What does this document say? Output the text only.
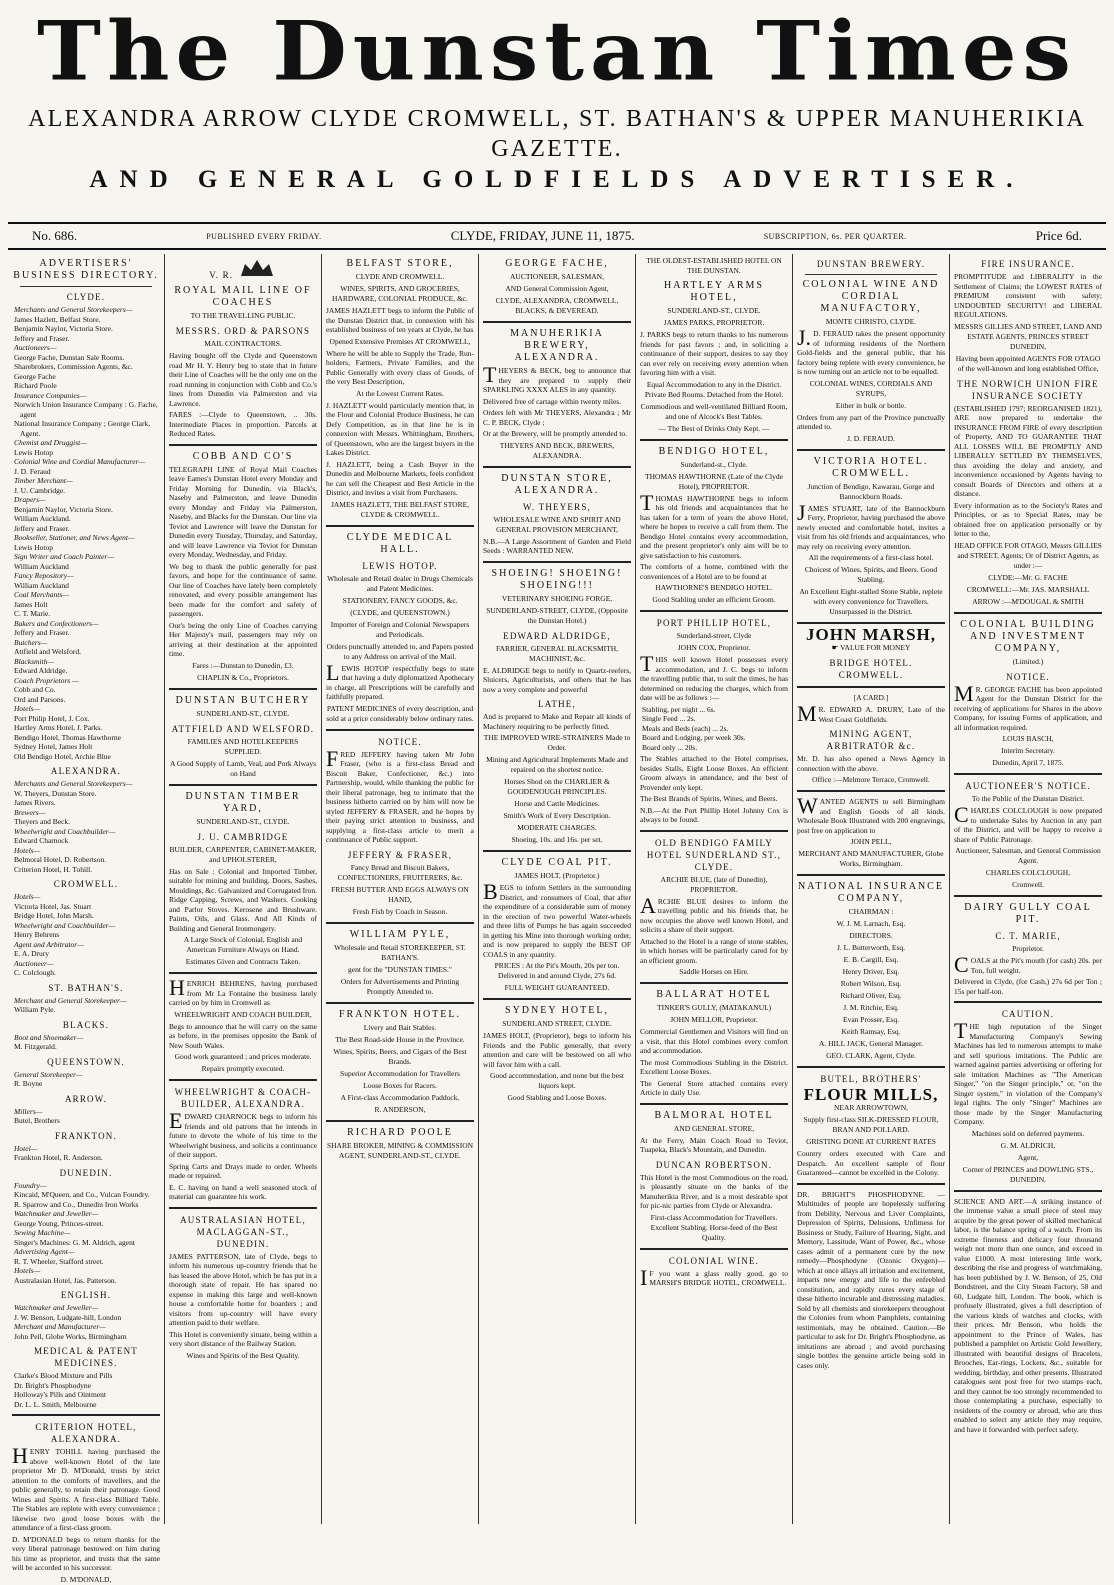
The Dunstan Times
ALEXANDRA ARROW CLYDE CROMWELL, ST. BATHAN'S & UPPER MANUHERIKIA GAZETTE.
AND GENERAL GOLDFIELDS ADVERTISER.
No. 686.	PUBLISHED EVERY FRIDAY.	CLYDE, FRIDAY, JUNE 11, 1875.	SUBSCRIPTION, 6s. PER QUARTER.	Price 6d.
ADVERTISERS' BUSINESS DIRECTORY.
CLYDE.
Merchants and General Storekeepers—
James Hazlett, Belfast Store.
Benjamin Naylor, Victoria Store.
Jeffery and Fraser.
Auctioneers—
George Fache, Dunstan Sale Rooms.
Sharebrokers, Commission Agents, &c.
George Fache
Richard Poole
Insurance Companies—
Norwich Union Insurance Company : G. Fache, agent
National Insurance Company ; George Clark, Agent.
Chemist and Druggist—
Lewis Hotop
Colonial Wine and Cordial Manufacturer—
J. D. Feraud
Timber Merchant—
J. U. Cambridge.
Drapers—
Benjamin Naylor, Victoria Store.
William Auckland.
Jeffery and Fraser.
Bookseller, Stationer, and News Agent—
Lewis Hotop
Sign Writer and Coach Painter—
William Auckland
Fancy Repository—
William Auckland
Coal Merchants—
James Holt
C. T. Marie.
Bakers and Confectioners—
Jeffery and Fraser.
Butchers—
Attfield and Welsford.
Blacksmith—
Edward Aldridge.
Coach Proprietors —
Cobb and Co.
Ord and Parsons.
Hotels—
Port Philip Hotel, J. Cox.
Hartley Arms Hotel, J. Parks.
Bendigo Hotel, Thomas Hawthorne
Sydney Hotel, James Holt
Old Bendigo Hotel, Archie Blue
ALEXANDRA.
Merchants and General Storekeepers—
W. Theyers, Dunstan Store.
James Rivers.
Brewers—
Theyers and Beck.
Wheelwright and Coachbuilder—
Edward Charnock
Hotels—
Belmoral Hotel, D. Robertson.
Criterion Hotel, H. Tohill.
CROMWELL.
Hotels—
Victoria Hotel, Jas. Stuart
Bridge Hotel, John Marsh.
Wheelwright and Coachbuilder—
Henry Behrens
Agent and Arbitrator—
E. A. Drury
Auctioneer—
C. Colclough.
ST. BATHAN'S.
Merchant and General Storekeeper—
William Pyle.
BLACKS.
Boot and Shoemaker—
M. Fitzgerald.
QUEENSTOWN.
General Storekeeper—
R. Boyne
ARROW.
Millers—
Butel, Brothers
FRANKTON.
Hotel—
Frankton Hotel, R. Anderson.
DUNEDIN.
Foundry—
Kincaid, M'Queen, and Co., Vulcan Foundry.
R. Sparrow and Co., Dunedin Iron Works
Watchmaker and Jeweller—
George Young, Princes-street.
Sewing Machine—
Singer's Machines: G. M. Aldrich, agent
Advertising Agent—
R. T. Wheeler, Stafford street.
Hotels—
Australasian Hotel, Jas. Patterson.
ENGLISH.
Watchmaker and Jeweller—
J. W. Benson, Ludgate-hill, London
Merchant and Manufacturer—
John Pell, Globe Works, Birmingham
MEDICAL & PATENT MEDICINES.
Clarke's Blood Mixture and Pills
Dr. Bright's Phosphodyne
Holloway's Pills and Ointment
Dr. L. L. Smith, Melbourne
CRITERION HOTEL, ALEXANDRA.

HENRY TOHILL having purchased the above well-known Hotel of the late proprietor Mr D. M'Donald, trusts by strict attention to the comforts of travellers, and the public generally, to retain their patronage. Good Wines and Spirits. A first-class Billiard Table. The Stables are replete with every convenience ; likewise two good loose boxes with the attendance of a first-class groom.

D. M'DONALD begs to return thanks for the very liberal patronage bestowed on him during his time as proprietor, and trusts that the same will be accorded to his successor.

D. M'DONALD,
V. R.
ROYAL MAIL LINE OF COACHES
TO THE TRAVELLING PUBLIC.
MESSRS. ORD & PARSONS
MAIL CONTRACTORS.

Having bought off the Clyde and Queenstown road Mr H. Y. Henry beg to state that in future their Line of Coaches will be the only one on the road running in conjunction with Cobb and Co.'s lines from Dunedin via Palmerston and via Lawrence.

FARES :—Clyde to Queenstown, .. 30s. Intermediate Places in proportion. Parcels at Reduced Rates.

COBB AND CO'S

TELEGRAPH LINE of Royal Mail Coaches leave Eames's Dunstan Hotel every Monday and Friday Morning for Dunedin, via Black's, Naseby and Palmerston, and leave Dunedin every Monday and Friday via Palmerston, Naseby, and Blacks for the Dunstan. Our line via Teviot and Lawrence will leave the Dunstan for Dunedin every Tuesday, Thursday, and Saturday, and will leave Lawrence via Teviot for Dunstan every Monday, Wednesday, and Friday.

We beg to thank the public generally for past favors, and hope for the continuance of same. Our line of Coaches have lately been completely renovated, and every possible arrangement has been made for the comfort and safety of passengers.

Our's being the only Line of Coaches carrying Her Majesty's mail, passengers may rely on arriving at their destination at the appointed time.

Fares :—Dunstan to Dunedin, £3.
CHAPLIN & Co., Proprietors.
DUNSTAN BUTCHERY
SUNDERLAND-ST., CLYDE.
ATTFIELD AND WELSFORD.
FAMILIES AND HOTELKEEPERS SUPPLIED.
A Good Supply of Lamb, Veal, and Pork Always on Hand
DUNSTAN TIMBER YARD,
SUNDERLAND-ST., CLYDE.
J. U. CAMBRIDGE
BUILDER, CARPENTER, CABINET-MAKER, and UPHOLSTERER,

Has on Sale : Colonial and Imported Timber, suitable for mining and building. Doors, Sashes, Mouldings, &c. Galvanized and Corrugated Iron. Ridge Capping, Screws, and Washers. Cooking and Parlor Stoves. Kerosene and Brushware. Paints, Oils, and Glass. And All Kinds of Building and General Ironmongery.

A Large Stock of Colonial, English and American Furniture Always on Hand.
Estimates Given and Contracts Taken.

HENRICH BEHRENS, having purchased from Mr La Fontaine the business lately carried on by him in Cromwell as

WHEELWRIGHT AND COACH BUILDER,

Begs to announce that he will carry on the same as before, in the premises opposite the Bank of New South Wales.

Good work guaranteed ; and prices moderate.
Repairs promptly executed.
WHEELWRIGHT & COACH-BUILDER, ALEXANDRA.

EDWARD CHARNOCK begs to inform his friends and old patrons that he intends in future to devote the whole of his time to the Wheelwright business, and solicits a continuance of their support.

Spring Carts and Drays made to order. Wheels made or repaired.

E. C. having on hand a well seasoned stock of material can guarantee his work.

AUSTRALASIAN HOTEL, MACLAGGAN-ST., DUNEDIN.

JAMES PATTERSON, late of Clyde, begs to inform his numerous up-country friends that he has leased the above Hotel, which he has put in a thorough state of repair. He has spared no expense in making this large and well-known house a comfortable home for boarders ; and visitors from up-country will have every attention paid to their welfare.

This Hotel is conveniently situate, being within a very short distance of the Railway Station.

Wines and Spirits of the Best Quality.
BELFAST STORE,
CLYDE AND CROMWELL.
WINES, SPIRITS, AND GROCERIES, HARDWARE, COLONIAL PRODUCE, &c.

JAMES HAZLETT begs to inform the Public of the Dunstan District that, in connexion with his established business of ten years at Clyde, he has

Opened Extensive Premises AT CROMWELL,

Where he will be able to Supply the Trade, Run-holders, Farmers, Private Families, and the Public Generally with every class of Goods, of the very Best Description,

At the Lowest Current Rates.

J. HAZLETT would particularly mention that, in the Flour and Colonial Produce Business, he can Defy Competition, as in that line he is in connexion with Messrs. Whittingham, Brothers, of Queenstown, who are the largest buyers in the Lakes District.

J. HAZLETT, being a Cash Buyer in the Dunedin and Melbourne Markets, feels confident he can sell the Cheapest and Best Article in the District, and invites a visit from Purchasers.

JAMES HAZLETT, THE BELFAST STORE, CLYDE & CROMWELL.
CLYDE MEDICAL HALL.
LEWIS HOTOP.
Wholesale and Retail dealer in Drugs Chemicals and Patent Medicines.
STATIONERY, FANCY GOODS, &c.
(CLYDE, and QUEENSTOWN.)
Importer of Foreign and Colonial Newspapers and Periodicals.
Orders punctually attended to, and Papers posted to any Address on arrival of the Mail.

LEWIS HOTOP respectfully begs to state that having a duly diplomatized Apothecary in charge, all Prescriptions will be carefully and faithfully prepared.

PATENT MEDICINES of every description, and sold at a price considerably below ordinary rates.
NOTICE.

FRED JEFFERY having taken Mr John Fraser, (who is a first-class Bread and Biscuit Baker, Confectioner, &c.) into Partnership, would, while thanking the public for their liberal patronage, beg to intimate that the business hitherto carried on by him will now be styled JEFFERY & FRASER, and he hopes by their paying strict attention to business, and supplying a first-class article to merit a continuance of Public support.

JEFFERY & FRASER,
Fancy Bread and Biscuit Bakers, CONFECTIONERS, FRUITERERS, &c.
FRESH BUTTER AND EGGS ALWAYS ON HAND,
Fresh Fish by Coach in Season.
WILLIAM PYLE,
Wholesale and Retail STOREKEEPER, ST. BATHAN'S.
gent for the "DUNSTAN TIMES."
Orders for Advertisements and Printing Promptly Attended to.
FRANKTON HOTEL.
Livery and Bait Stables.
The Best Road-side House in the Province.
Wines, Spirits, Beers, and Cigars of the Best Brands.
Superior Accommodation for Travellers
Loose Boxes for Racers.
A First-class Accommodation Paddock.
R. ANDERSON,
RICHARD POOLE
SHARE BROKER, MINING & COMMISSION AGENT, SUNDERLAND-ST., CLYDE.
GEORGE FACHE,
AUCTIONEER, SALESMAN,
AND General Commission Agent,
CLYDE, ALEXANDRA, CROMWELL, BLACKS, & DEVEREAD.
MANUHERIKIA BREWERY, ALEXANDRA.

THEYERS & BECK, beg to announce that they are prepared to supply their SPARKLING XXXX ALES in any quantity.

Delivered free of cartage within twenty miles.

Orders left with Mr THEYERS, Alexandra ; Mr C. P. BECK, Clyde ;

Or at the Brewery, will be promptly attended to.

THEYERS AND BECK, BREWERS, ALEXANDRA.
DUNSTAN STORE, ALEXANDRA.
W. THEYERS,
WHOLESALE WINE AND SPIRIT AND GENERAL PROVISION MERCHANT,

N.B.—A Large Assortment of Garden and Field Seeds : WARRANTED NEW.

SHOEING! SHOEING! SHOEING!!!
VETERINARY SHOEING FORGE,
SUNDERLAND-STREET, CLYDE, (Opposite the Dunstan Hotel.)
EDWARD ALDRIDGE,
FARRIER, GENERAL BLACKSMITH, MACHINIST, &c.

E. ALDRIDGE begs to notify to Quartz-reefers, Sluicers, Agriculturists, and others that he has now a very complete and powerful

LATHE,

And is prepared to Make and Repair all kinds of Machinery requiring to be perfectly fitted.

THE IMPROVED WIRE-STRAINERS Made to Order.
Mining and Agricultural Implements Made and repaired on the shortest notice.
Horses Shod on the CHARLIER & GOODENOUGH PRINCIPLES.
Horse and Cattle Medicines.
Smith's Work of Every Description.
MODERATE CHARGES.
Shoeing, 10s. and 16s. per set.
CLYDE COAL PIT.
JAMES HOLT, (Proprietor.)

BEGS to inform Settlers in the surrounding District, and consumers of Coal, that after the expenditure of a considerable sum of money in the erection of two powerful Water-wheels and three lifts of Pumps he has again succeeded in getting his Mine into thorough working order, and is now prepared to supply the BEST OF COALS in any quantity.

PRICES : At the Pit's Mouth, 20s per ton. Delivered in and around Clyde, 27s 6d.
FULL WEIGHT GUARANTEED.
SYDNEY HOTEL,
SUNDERLAND STREET, CLYDE.

JAMES HOLT, (Proprietor), begs to inform his Friends and the Public generally, that every attention and care will be bestowed on all who will favor him with a call.

Good accommodation, and none but the best liquors kept.
Good Stabling and Loose Boxes.
THE OLDEST-ESTABLISHED HOTEL ON THE DUNSTAN.
HARTLEY ARMS HOTEL,
SUNDERLAND-ST., CLYDE.
JAMES PARKS, PROPRIETOR.

J. PARKS begs to return thanks to his numerous friends for past favors ; and, in soliciting a continuance of their support, desires to say they can ever rely on receiving every attention when favoring him with a visit.

Equal Accommodation to any in the District. Private Bed Rooms. Detached from the Hotel.
Commodious and well-ventilated Billiard Room, and one of Alcock's Best Tables.
— The Best of Drinks Only Kept. —
BENDIGO HOTEL,
Sunderland-st., Clyde.
THOMAS HAWTHORNE (Late of the Clyde Hotel), PROPRIETOR.

THOMAS HAWTHORNE begs to inform his old friends and acquaintances that he has taken for a term of years the above Hotel, where he hopes to receive a call from them. The Bendigo Hotel contains every accommodation, and the present proprietor's only aim will be to give satisfaction to his customers.

The comforts of a home, combined with the conveniences of a Hotel are to be found at

HAWTHORNE'S BENDIGO HOTEL.
Good Stabling under an efficient Groom.
PORT PHILLIP HOTEL,
Sunderland-street, Clyde
JOHN COX, Proprietor.

THIS well known Hotel possesses every accommodation, and J. C. begs to inform the travelling public that, to suit the times, he has determined on reducing the charges, which from date will be as follows :—

Stabling, per night ... 6s.
Single Feed ... 2s.
Meals and Beds (each) ... 2s.
Board and Lodging, per week 30s.
Board only ... 20s.

The Stables attached to the Hotel comprises, besides Stalls, Eight Loose Boxes. An efficient Groom always in attendance, and the best of Provender only kept.

The Best Brands of Spirits, Wines, and Beers.

N.B.—At the Port Phillip Hotel Johnny Cox is always to be found.

OLD BENDIGO FAMILY HOTEL SUNDERLAND ST., CLYDE.
ARCHIE BLUE, (late of Dunedin), PROPRIETOR.

ARCHIE BLUE desires to inform the travelling public and his friends that, he now occupies the above well known Hotel, and solicits a share of their support.

Attached to the Hotel is a range of stone stables, in which horses will be particularly cared for by an efficient groom.

Saddle Horses on Hire.
BALLARAT HOTEL
TINKER'S GULLY, (MATAKANUI.)
JOHN MELLOR, Proprietor.

Commercial Gentlemen and Visitors will find on a visit, that this Hotel combines every comfort and accommodation.

The most Commodious Stabling in the District. Excellent Loose Boxes.

The General Store attached contains every Article in daily Use.

BALMORAL HOTEL
AND GENERAL STORE,

At the Ferry, Main Coach Road to Teviot, Tuapeka, Black's Mountain, and Dunedin.

DUNCAN ROBERTSON.

This Hotel is the most Commodious on the road, is pleasantly situate on the banks of the Manuherikia River, and is a most desirable spot for pic-nic parties from Clyde or Alexandra.

First-class Accommodation for Travellers. Excellent Stabling. Horse-feed of the Best Quality.
COLONIAL WINE.

IF you want a glass really good, go to MARSH'S BRIDGE HOTEL, CROMWELL.

DUNSTAN BREWERY.
COLONIAL WINE AND CORDIAL MANUFACTORY,
MONTE CHRISTO, CLYDE.

J.D. FERAUD takes the present opportunity of informing residents of the Northern Gold-fields and the general public, that his factory being replete with every convenience, he is now turning out an article not to be equalled.

COLONIAL WINES, CORDIALS AND SYRUPS,
Either in bulk or bottle.

Orders from any part of the Province punctually attended to.

J. D. FERAUD.
VICTORIA HOTEL. CROMWELL.
Junction of Bendigo, Kawarau, Gorge and Bannockburn Roads.

JAMES STUART, late of the Bannockburn Ferry, Proprietor, having purchased the above newly erected and comfortable hotel, invites a visit from his old friends and acquaintances, who may rely on receiving every attention.

All the requirements of a first-class hotel.
Choicest of Wines, Spirits, and Beers. Good Stabling.
An Excellent Eight-stalled Stone Stable, replete with every convenience for Travellers. Unsurpassed in the District.
JOHN MARSH,
☛ VALUE FOR MONEY
BRIDGE HOTEL. CROMWELL.
[A CARD.]

MR. EDWARD A. DRURY, Late of the West Coast Goldfields.

MINING AGENT, ARBITRATOR &c.

Mr. D. has also opened a News Agency in connection with the above.

Office :—Melmore Terrace, Cromwell.

WANTED AGENTS to sell Birmingham and English Goods of all kinds. Wholesale Book Illustrated with 200 engravings, post free on application to

JOHN PELL,
MERCHANT AND MANUFACTURER, Globe Works, Birmingham.
NATIONAL INSURANCE COMPANY,
CHAIRMAN :
W. J. M. Larnach, Esq.
DIRECTORS.
J. L. Butterworth, Esq.
E. B. Cargill, Esq.
Henry Driver, Esq.
Robert Wilson, Esq.
Richard Oliver, Esq.
J. M. Ritchie, Esq.
Evan Prosser, Esq.
Keith Ramsay, Esq.
A. HILL JACK, General Manager.
GEO. CLARK, Agent, Clyde.
BUTEL, BROTHERS'
FLOUR MILLS,
NEAR ARROWTOWN,
Supply first-class SILK-DRESSED FLOUR, BRAN AND POLLARD.
GRISTING DONE AT CURRENT RATES

Country orders executed with Care and Despatch. An excellent sample of flour Guaranteed—cannot be excelled in the Colony.

DR. BRIGHT'S PHOSPHODYNE. — Multitudes of people are hopelessly suffering from Debility, Nervous and Liver Complaints, Depression of Spirits, Delusions, Unfitness for Business or Study, Failure of Hearing, Sight, and Memory, Lassitude, Want of Power, &c., whose cases admit of a permanent cure by the new remedy—Phosphodyne (Ozonic Oxygen)—which at once allays all irritation and excitement, imparts new energy and life to the enfeebled constitution, and rapidly cures every stage of these hitherto incurable and distressing maladies. Sold by all chemists and storekeepers throughout the Colonies from whom Pamphlets, containing testimonials, may be obtained. Caution.—Be particular to ask for Dr. Bright's Phosphodyne, as imitations are abroad ; and avoid purchasing single bottles the genuine article being sold in cases only.

FIRE INSURANCE.

PROMPTITUDE and LIBERALITY in the Settlement of Claims; the LOWEST RATES of PREMIUM consistent with safety; UNDOUBTED SECURITY! and LIBERAL REGULATIONS.

MESSRS GILLIES AND STREET, LAND AND ESTATE AGENTS, PRINCES STREET DUNEDIN,
Having been appointed AGENTS FOR OTAGO of the well-known and long established Office,
THE NORWICH UNION FIRE INSURANCE SOCIETY

(ESTABLISHED 1797; REORGANISED 1821), ARE now prepared to undertake the INSURANCE FROM FIRE of every description of Property, AND TO GUARANTEE THAT ALL LOSSES WILL BE PROMPTLY AND LIBERALLY SETTLED BY THEMSELVES, thus avoiding the delay and anxiety, and inconvenience occasioned by Agents having to consult Boards of Directors and others at a distance.

Every information as to the Society's Rates and Principles, or as to Special Rates, may be obtained free on application personally or by letter to the,

HEAD OFFICE FOR OTAGO, Messrs GILLIES and STREET, Agents; Or of District Agents, as under :—
CLYDE:—Mr. G. FACHE
CROMWELL:—Mr. JAS. MARSHALL
ARROW :—M'DOUGAL & SMITH
COLONIAL BUILDING AND INVESTMENT COMPANY,
(Limited.)
NOTICE.

MR. GEORGE FACHE has been appointed Agent for the Dunstan District for the receiving of applications for Shares in the above Company, for issuing Forms of application, and all information required.

LOUIS BASCH,
Interim Secretary.
Dunedin, April 7, 1875.
AUCTIONEER'S NOTICE.
To the Public of the Dunstan District.

CHARLES COLCLOUGH is now prepared to undertake Sales by Auction in any part of the District, and will be happy to receive a share of Public Patronage.

Auctioneer, Salesman, and General Commission Agent.
CHARLES COLCLOUGH,
Cromwell.
DAIRY GULLY COAL PIT.
C. T. MARIE,
Proprietor.

COALS at the Pit's mouth (for cash) 20s. per Ton, full weight.

Delivered in Clyde, (for Cash,) 27s 6d per Ton ; 15s per half-ton.

CAUTION.

THE high reputation of the Singer Manufacturing Company's Sewing Machines has led to numerous attempts to make and sell spurious imitations. The Public are warned against parties advertising or offering for sale imitation Machines as "The American Singer," "on the Singer principle," or, "on the Singer system," in violation of the Company's legal rights. The only "Singer" Machines are those made by the Singer Manufacturing Company.

Machines sold on deferred payments.
G. M. ALDRICH,
Agent,
Corner of PRINCES and DOWLING STS., DUNEDIN.

SCIENCE AND ART.—A striking instance of the immense value a small piece of steel may acquire by the great power of skilled mechanical labor, is the balance spring of a watch. From its extreme fineness and delicacy four thousand weigh not more than one ounce, and exceed in value £1000. A most interesting little work, describing the rise and progress of watchmaking, has been published by J. W. Benson, of 25, Old Bondstreet, and the City Steam Factory, 58 and 60, Ludgate hill, London. The book, which is profusely illustrated, gives a full description of the various kinds of watches and clocks, with their prices. Mr Benson, who holds the appointment to the Prince of Wales, has published a pamphlet on Artistic Gold Jewellery, illustrated with beautiful designs of Bracelets, Brooches, Ear-rings, Lockets, &c., suitable for wedding, birthday, and other presents. Illustrated catalogues sent post free for two stamps each, and they cannot be too strongly recommended to those contemplating a purchase, especially to residents of the country or abroad, who are thus enabled to select any article they may require, and have it forwarded with perfect safety.
